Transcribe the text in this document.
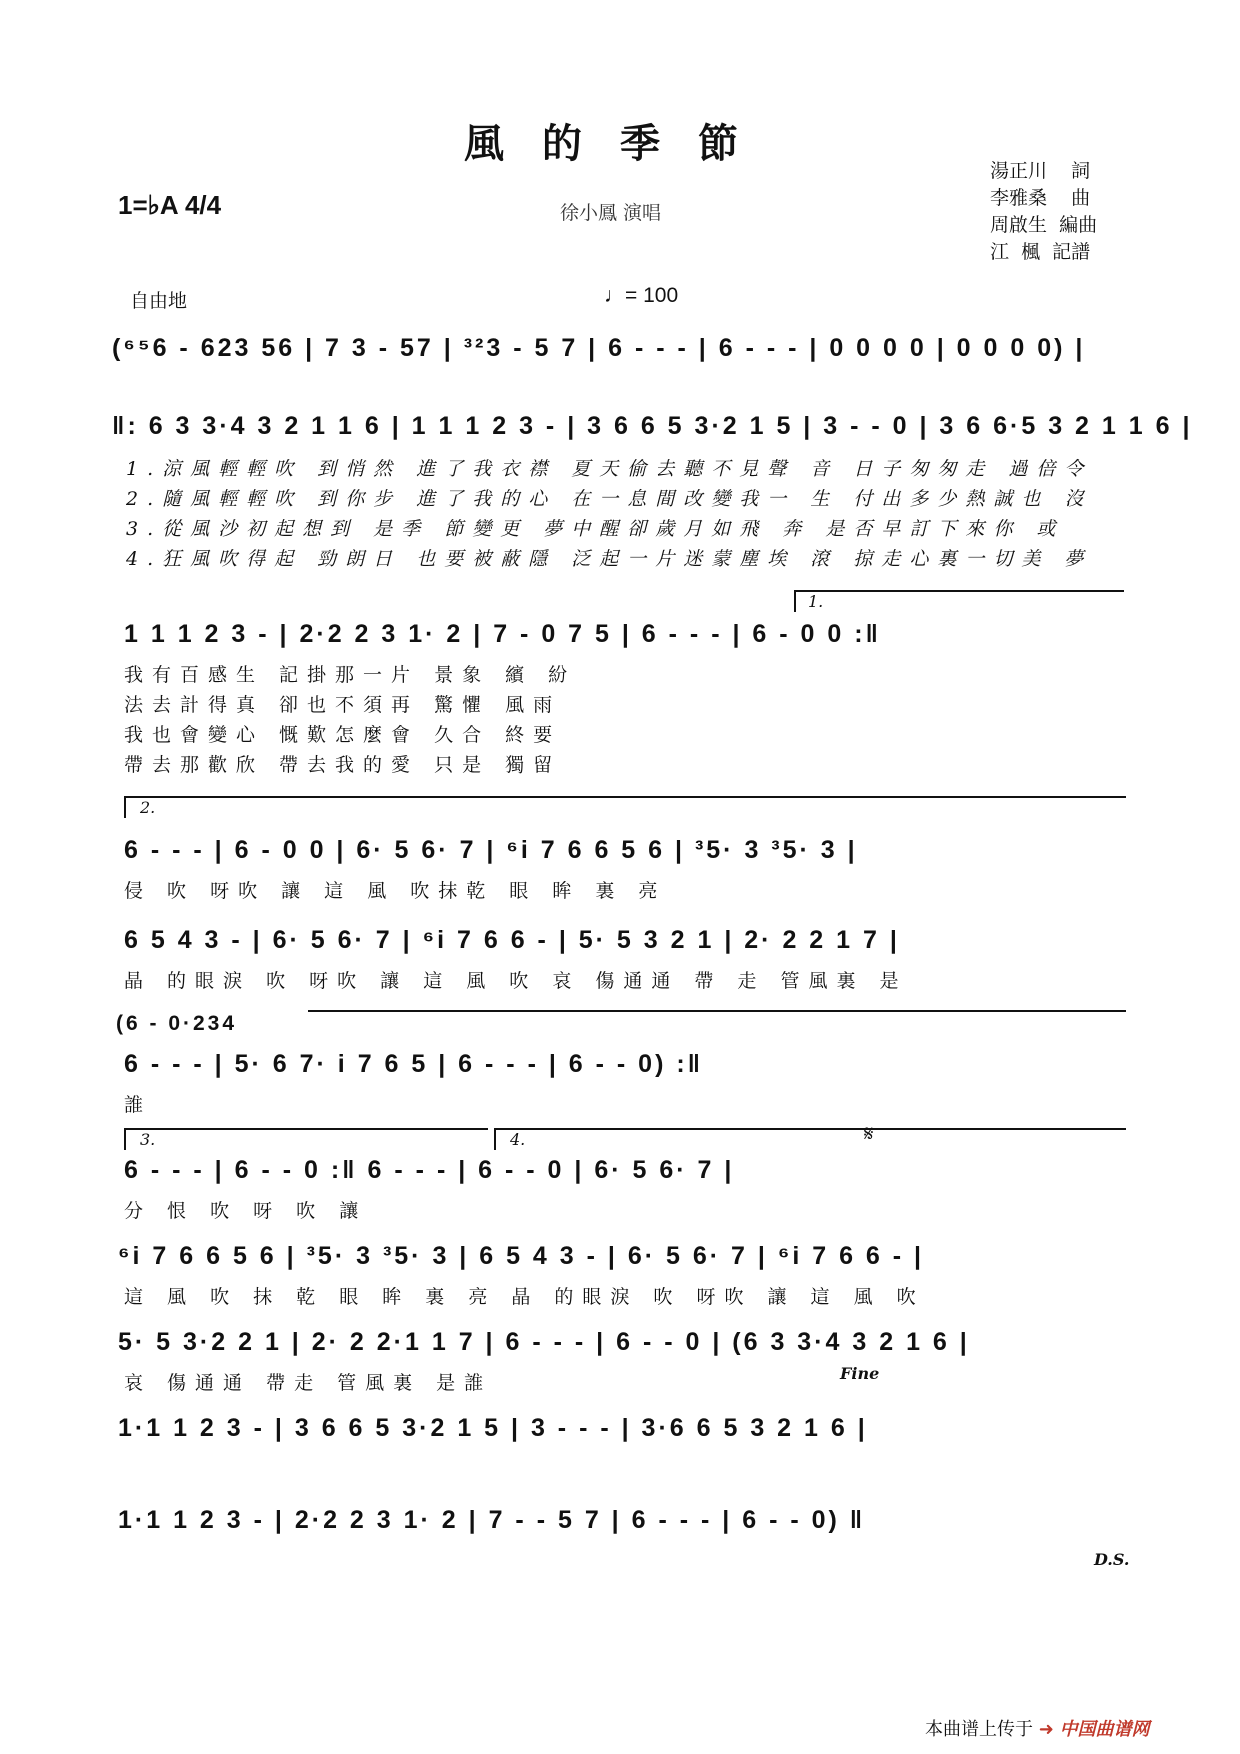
風的季節
1=♭A 4/4	徐小鳳 演唱
湯正川    詞
李雅桑    曲
周啟生  編曲
江  楓  記譜
自由地	♩= 100
(⁶⁵6 - 623 56 | 7 3 - 57 | ³²3 - 5 7 | 6 - - - | 6 - - - | 0 0 0 0 | 0 0 0 0) |
‖: 6 3 3·4 3 2 1 1 6 | 1 1 1 2 3 - | 3 6 6 5 3·2 1 5 | 3 - - 0 | 3 6 6·5 3 2 1 1 6 |
1.涼風輕輕吹 到悄然 進了我衣襟 夏天偷去聽不見聲 音 日子匆匆走 過倍令
2.隨風輕輕吹 到你步 進了我的心 在一息間改變我一 生 付出多少熱誠也 沒
3.從風沙初起想到 是季 節變更 夢中醒卻歲月如飛 奔 是否早訂下來你 或
4.狂風吹得起 勁朗日 也要被蔽隱 泛起一片迷蒙塵埃 滾 掠走心裏一切美 夢
1.
1 1 1 2 3 - | 2·2 2 3 1· 2 | 7 - 0 7 5 | 6 - - - | 6 - 0 0 :‖
我有百感生 記掛那一片 景象 繽 紛
法去計得真 卻也不須再 驚懼 風雨
我也會變心 慨歎怎麼會 久合 終要
帶去那歡欣 帶去我的愛 只是 獨留
2.
6 - - - | 6 - 0 0 | 6· 5 6· 7 | ⁶i 7 6 6 5 6 | ³5· 3 ³5· 3 |
侵 吹 呀吹 讓 這 風 吹抹乾 眼 眸 裏 亮
6 5 4 3 - | 6· 5 6· 7 | ⁶i 7 6 6 - | 5· 5 3 2 1 | 2· 2 2 1 7 |
晶 的眼淚 吹 呀吹 讓 這 風 吹 哀 傷通通 帶 走 管風裏 是
(6 - 0·234
6 - - - | 5· 6 7· i 7 6 5 | 6 - - - | 6 - - 0) :‖
誰
3.	4.	𝄋
6 - - - | 6 - - 0 :‖ 6 - - - | 6 - - 0 | 6· 5 6· 7 |
分 恨 吹 呀 吹 讓
⁶i 7 6 6 5 6 | ³5· 3 ³5· 3 | 6 5 4 3 - | 6· 5 6· 7 | ⁶i 7 6 6 - |
這 風 吹 抹 乾 眼 眸 裏 亮 晶 的眼淚 吹 呀吹 讓 這 風 吹
5· 5 3·2 2 1 | 2· 2 2·1 1 7 | 6 - - - | 6 - - 0 | (6 3 3·4 3 2 1 6 |
Fine
哀 傷通通 帶走 管風裏 是誰
1·1 1 2 3 - | 3 6 6 5 3·2 1 5 | 3 - - - | 3·6 6 5 3 2 1 6 |
1·1 1 2 3 - | 2·2 2 3 1· 2 | 7 - - 5 7 | 6 - - - | 6 - - 0) ‖
D.S.
本曲谱上传于 ➜ 中国曲谱网
